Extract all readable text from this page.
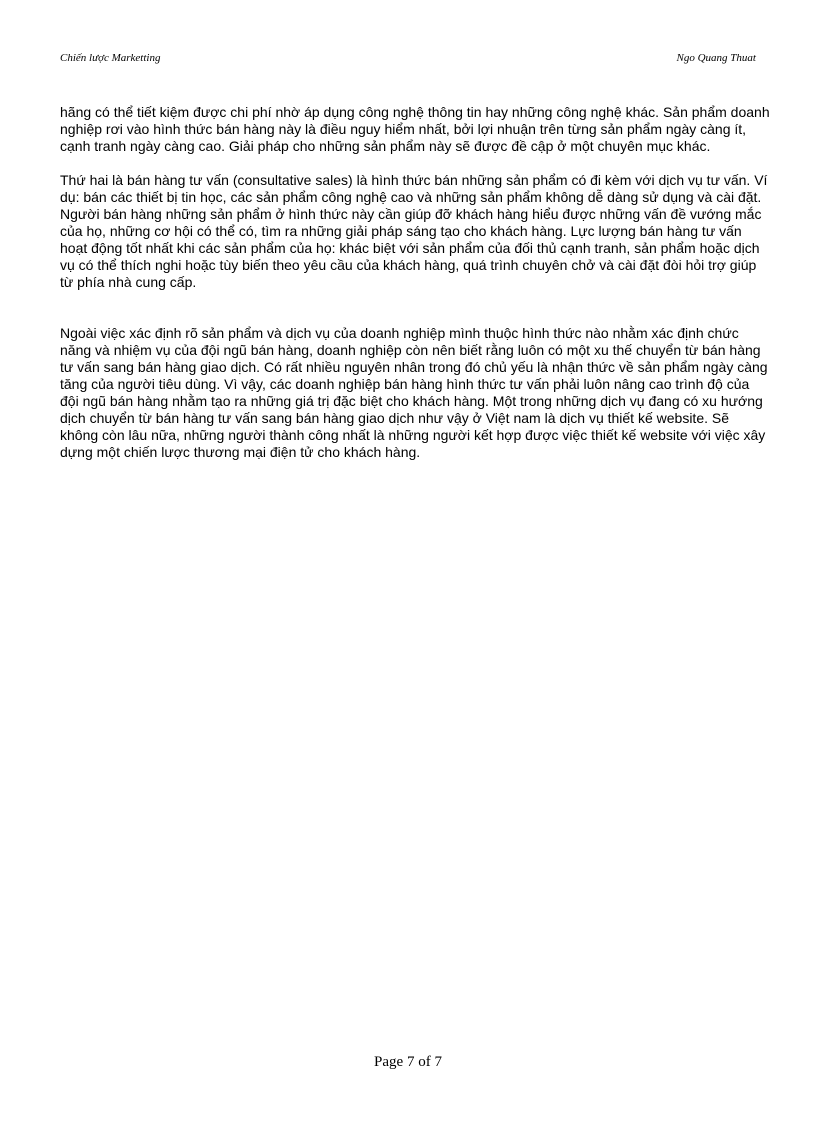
Chiến lược Marketting	Ngo Quang Thuat

hãng có thể tiết kiệm được chi phí nhờ áp dụng công nghệ thông tin hay những công nghệ khác. Sản phẩm doanh nghiệp rơi vào hình thức bán hàng này là điều nguy hiểm nhất, bởi lợi nhuận trên từng sản phẩm ngày càng ít, cạnh tranh ngày càng cao. Giải pháp cho những sản phẩm này sẽ được đề cập ở một chuyên mục khác.

Thứ hai là bán hàng tư vấn (consultative sales) là hình thức bán những sản phẩm có đi kèm với dịch vụ tư vấn. Ví dụ: bán các thiết bị tin học, các sản phẩm công nghệ cao và những sản phẩm không dễ dàng sử dụng và cài đặt. Người bán hàng những sản phẩm ở hình thức này cần giúp đỡ khách hàng hiểu được những vấn đề vướng mắc của họ, những cơ hội có thể có, tìm ra những giải pháp sáng tạo cho khách hàng. Lực lượng bán hàng tư vấn hoạt động tốt nhất khi các sản phẩm của họ: khác biệt với sản phẩm của đối thủ cạnh tranh, sản phẩm hoặc dịch vụ có thể thích nghi hoặc tùy biến theo yêu cầu của khách hàng, quá trình chuyên chở và cài đặt đòi hỏi trợ giúp từ phía nhà cung cấp.

Ngoài việc xác định rõ sản phẩm và dịch vụ của doanh nghiệp mình thuộc hình thức nào nhằm xác định chức năng và nhiệm vụ của đội ngũ bán hàng, doanh nghiệp còn nên biết rằng luôn có một xu thế chuyển từ bán hàng tư vấn sang bán hàng giao dịch. Có rất nhiều nguyên nhân trong đó chủ yếu là nhận thức về sản phẩm ngày càng tăng của người tiêu dùng. Vì vậy, các doanh nghiệp bán hàng hình thức tư vấn phải luôn nâng cao trình độ của đội ngũ bán hàng nhằm tạo ra những giá trị đặc biệt cho khách hàng. Một trong những dịch vụ đang có xu hướng dịch chuyển từ bán hàng tư vấn sang bán hàng giao dịch như vậy ở Việt nam là dịch vụ thiết kế website. Sẽ không còn lâu nữa, những người thành công nhất là những người kết hợp được việc thiết kế website với việc xây dựng một chiến lược thương mại điện tử cho khách hàng.

Page 7 of 7
